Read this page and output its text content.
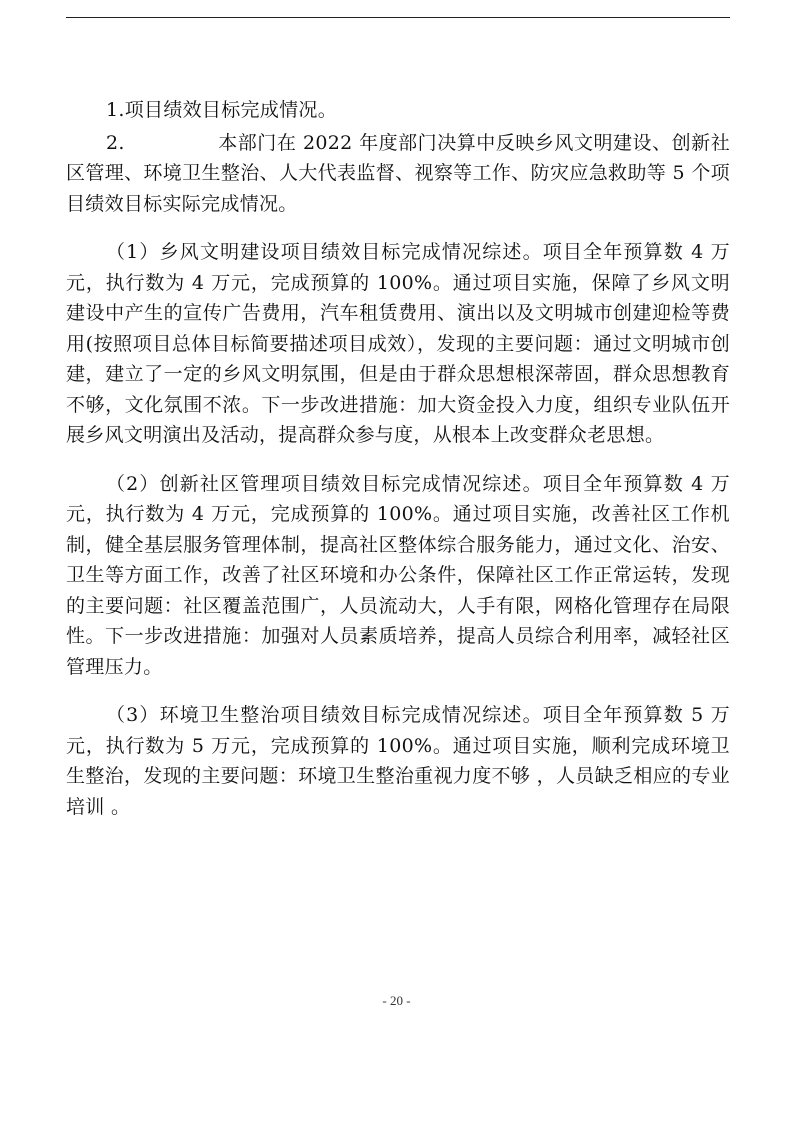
1.项目绩效目标完成情况。

2.	本部门在 2022 年度部门决算中反映乡风文明建设、创新社区管理、环境卫生整治、人大代表监督、视察等工作、防灾应急救助等 5 个项目绩效目标实际完成情况。

（1）乡风文明建设项目绩效目标完成情况综述。项目全年预算数 4 万元，执行数为 4 万元，完成预算的 100%。通过项目实施，保障了乡风文明建设中产生的宣传广告费用，汽车租赁费用、演出以及文明城市创建迎检等费用(按照项目总体目标简要描述项目成效），发现的主要问题：通过文明城市创建，建立了一定的乡风文明氛围，但是由于群众思想根深蒂固，群众思想教育不够，文化氛围不浓。下一步改进措施：加大资金投入力度，组织专业队伍开展乡风文明演出及活动，提高群众参与度，从根本上改变群众老思想。

（2）创新社区管理项目绩效目标完成情况综述。项目全年预算数 4 万元，执行数为 4 万元，完成预算的 100%。通过项目实施，改善社区工作机制，健全基层服务管理体制，提高社区整体综合服务能力，通过文化、治安、卫生等方面工作，改善了社区环境和办公条件，保障社区工作正常运转，发现的主要问题：社区覆盖范围广，人员流动大，人手有限，网格化管理存在局限性。下一步改进措施：加强对人员素质培养，提高人员综合利用率，减轻社区管理压力。

（3）环境卫生整治项目绩效目标完成情况综述。项目全年预算数 5 万元，执行数为 5 万元，完成预算的 100%。通过项目实施，顺利完成环境卫生整治，发现的主要问题：环境卫生整治重视力度不够 ，人员缺乏相应的专业培训 。

- 20 -
